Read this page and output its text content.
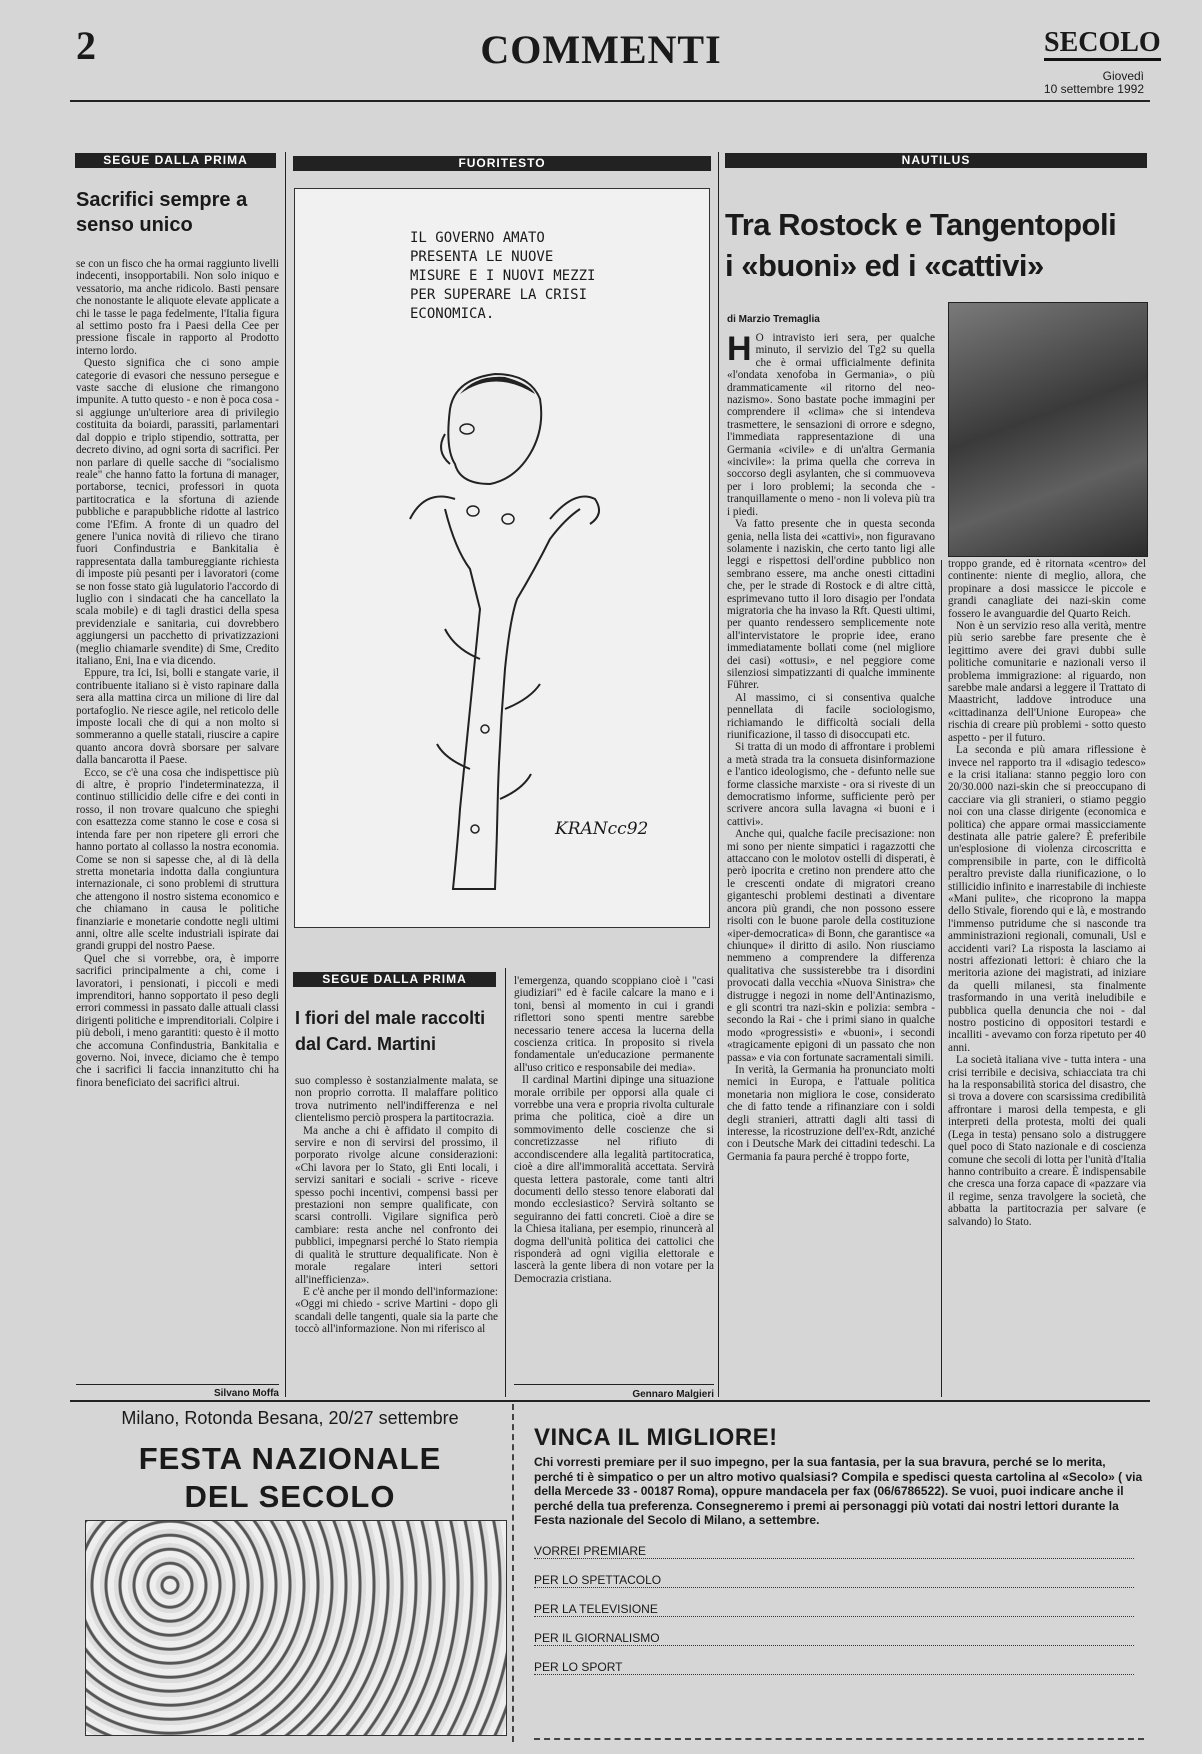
2	COMMENTI	SECOLO
Giovedì
10 settembre 1992
SEGUE DALLA PRIMA
Sacrifici sempre a senso unico

se con un fisco che ha ormai raggiunto livelli indecenti, insopportabili. Non solo iniquo e vessatorio, ma anche ridicolo. Basti pensare che nonostante le aliquote elevate applicate a chi le tasse le paga fedelmente, l'Italia figura al settimo posto fra i Paesi della Cee per pressione fiscale in rapporto al Prodotto interno lordo.

Questo significa che ci sono ampie categorie di evasori che nessuno persegue e vaste sacche di elusione che rimangono impunite. A tutto questo - e non è poca cosa - si aggiunge un'ulteriore area di privilegio costituita da boiardi, parassiti, parlamentari dal doppio e triplo stipendio, sottratta, per decreto divino, ad ogni sorta di sacrifici. Per non parlare di quelle sacche di "socialismo reale" che hanno fatto la fortuna di manager, portaborse, tecnici, professori in quota partitocratica e la sfortuna di aziende pubbliche e parapubbliche ridotte al lastrico come l'Efim. A fronte di un quadro del genere l'unica novità di rilievo che tirano fuori Confindustria e Bankitalia è rappresentata dalla tambureggiante richiesta di imposte più pesanti per i lavoratori (come se non fosse stato già lugulatorio l'accordo di luglio con i sindacati che ha cancellato la scala mobile) e di tagli drastici della spesa previdenziale e sanitaria, cui dovrebbero aggiungersi un pacchetto di privatizzazioni (meglio chiamarle svendite) di Sme, Credito italiano, Eni, Ina e via dicendo.

Eppure, tra Ici, Isi, bolli e stangate varie, il contribuente italiano si è visto rapinare dalla sera alla mattina circa un milione di lire dal portafoglio. Ne riesce agile, nel reticolo delle imposte locali che di qui a non molto si sommeranno a quelle statali, riuscire a capire quanto ancora dovrà sborsare per salvare dalla bancarotta il Paese.

Ecco, se c'è una cosa che indispettisce più di altre, è proprio l'indeterminatezza, il continuo stillicidio delle cifre e dei conti in rosso, il non trovare qualcuno che spieghi con esattezza come stanno le cose e cosa si intenda fare per non ripetere gli errori che hanno portato al collasso la nostra economia. Come se non si sapesse che, al di là della stretta monetaria indotta dalla congiuntura internazionale, ci sono problemi di struttura che attengono il nostro sistema economico e che chiamano in causa le politiche finanziarie e monetarie condotte negli ultimi anni, oltre alle scelte industriali ispirate dai grandi gruppi del nostro Paese.

Quel che si vorrebbe, ora, è imporre sacrifici principalmente a chi, come i lavoratori, i pensionati, i piccoli e medi imprenditori, hanno sopportato il peso degli errori commessi in passato dalle attuali classi dirigenti politiche e imprenditoriali. Colpire i più deboli, i meno garantiti: questo è il motto che accomuna Confindustria, Bankitalia e governo. Noi, invece, diciamo che è tempo che i sacrifici li faccia innanzitutto chi ha finora beneficiato dei sacrifici altrui.

Silvano Moffa
FUORITESTO
IL GOVERNO AMATO PRESENTA LE NUOVE MISURE E I NUOVI MEZZI PER SUPERARE LA CRISI ECONOMICA.
KRANcc92
SEGUE DALLA PRIMA
I fiori del male raccolti dal Card. Martini

suo complesso è sostanzialmente malata, se non proprio corrotta. Il malaffare politico trova nutrimento nell'indifferenza e nel clientelismo perciò prospera la partitocrazia.

Ma anche a chi è affidato il compito di servire e non di servirsi del prossimo, il porporato rivolge alcune considerazioni: «Chi lavora per lo Stato, gli Enti locali, i servizi sanitari e sociali - scrive - riceve spesso pochi incentivi, compensi bassi per prestazioni non sempre qualificate, con scarsi controlli. Vigilare significa però cambiare: resta anche nel confronto dei pubblici, impegnarsi perché lo Stato riempia di qualità le strutture dequalificate. Non è morale regalare interi settori all'inefficienza».

E c'è anche per il mondo dell'informazione: «Oggi mi chiedo - scrive Martini - dopo gli scandali delle tangenti, quale sia la parte che toccò all'informazione. Non mi riferisco al

l'emergenza, quando scoppiano cioè i "casi giudiziari" ed è facile calcare la mano e i toni, bensì al momento in cui i grandi riflettori sono spenti mentre sarebbe necessario tenere accesa la lucerna della coscienza critica. In proposito si rivela fondamentale un'educazione permanente all'uso critico e responsabile dei media».

Il cardinal Martini dipinge una situazione morale orribile per opporsi alla quale ci vorrebbe una vera e propria rivolta culturale prima che politica, cioè a dire un sommovimento delle coscienze che si concretizzasse nel rifiuto di accondiscendere alla legalità partitocratica, cioè a dire all'immoralità accettata. Servirà questa lettera pastorale, come tanti altri documenti dello stesso tenore elaborati dal mondo ecclesiastico? Servirà soltanto se seguiranno dei fatti concreti. Cioè a dire se la Chiesa italiana, per esempio, rinuncerà al dogma dell'unità politica dei cattolici che risponderà ad ogni vigilia elettorale e lascerà la gente libera di non votare per la Democrazia cristiana.

Gennaro Malgieri
NAUTILUS
Tra Rostock e Tangentopoli
i «buoni» ed i «cattivi»
di Marzio Tremaglia
H O intravisto ieri sera, per qualche minuto, il servizio del Tg2 su quella che è ormai ufficialmente definita «l'ondata xenofoba in Germania», o più drammaticamente «il ritorno del neo-nazismo». Sono bastate poche immagini per comprendere il «clima» che si intendeva trasmettere, le sensazioni di orrore e sdegno, l'immediata rappresentazione di una Germania «civile» e di un'altra Germania «incivile»: la prima quella che correva in soccorso degli asylanten, che si commuoveva per i loro problemi; la seconda che - tranquillamente o meno - non li voleva più tra i piedi.

Va fatto presente che in questa seconda genia, nella lista dei «cattivi», non figuravano solamente i naziskin, che certo tanto ligi alle leggi e rispettosi dell'ordine pubblico non sembrano essere, ma anche onesti cittadini che, per le strade di Rostock e di altre città, esprimevano tutto il loro disagio per l'ondata migratoria che ha invaso la Rft. Questi ultimi, per quanto rendessero semplicemente note all'intervistatore le proprie idee, erano immediatamente bollati come (nel migliore dei casi) «ottusi», e nel peggiore come silenziosi simpatizzanti di qualche imminente Führer.

Al massimo, ci si consentiva qualche pennellata di facile sociologismo, richiamando le difficoltà sociali della riunificazione, il tasso di disoccupati etc.

Si tratta di un modo di affrontare i problemi a metà strada tra la consueta disinformazione e l'antico ideologismo, che - defunto nelle sue forme classiche marxiste - ora si riveste di un democratismo informe, sufficiente però per scrivere ancora sulla lavagna «i buoni e i cattivi».

Anche qui, qualche facile precisazione: non mi sono per niente simpatici i ragazzotti che attaccano con le molotov ostelli di disperati, è però ipocrita e cretino non prendere atto che le crescenti ondate di migratori creano giganteschi problemi destinati a diventare ancora più grandi, che non possono essere risolti con le buone parole della costituzione «iper-democratica» di Bonn, che garantisce «a chiunque» il diritto di asilo. Non riusciamo nemmeno a comprendere la differenza qualitativa che sussisterebbe tra i disordini provocati dalla vecchia «Nuova Sinistra» che distrugge i negozi in nome dell'Antinazismo, e gli scontri tra nazi-skin e polizia: sembra - secondo la Rai - che i primi siano in qualche modo «progressisti» e «buoni», i secondi «tragicamente epigoni di un passato che non passa» e via con fortunate sacramentali simili.

In verità, la Germania ha pronunciato molti nemici in Europa, e l'attuale politica monetaria non migliora le cose, considerato che di fatto tende a rifinanziare con i soldi degli stranieri, attratti dagli alti tassi di interesse, la ricostruzione dell'ex-Rdt, anziché con i Deutsche Mark dei cittadini tedeschi. La Germania fa paura perché è troppo forte,

troppo grande, ed è ritornata «centro» del continente: niente di meglio, allora, che propinare a dosi massicce le piccole e grandi canagliate dei nazi-skin come fossero le avanguardie del Quarto Reich.

Non è un servizio reso alla verità, mentre più serio sarebbe fare presente che è legittimo avere dei gravi dubbi sulle politiche comunitarie e nazionali verso il problema immigrazione: al riguardo, non sarebbe male andarsi a leggere il Trattato di Maastricht, laddove introduce una «cittadinanza dell'Unione Europea» che rischia di creare più problemi - sotto questo aspetto - per il futuro.

La seconda e più amara riflessione è invece nel rapporto tra il «disagio tedesco» e la crisi italiana: stanno peggio loro con 20/30.000 nazi-skin che si preoccupano di cacciare via gli stranieri, o stiamo peggio noi con una classe dirigente (economica e politica) che appare ormai massicciamente destinata alle patrie galere? È preferibile un'esplosione di violenza circoscritta e comprensibile in parte, con le difficoltà peraltro previste dalla riunificazione, o lo stillicidio infinito e inarrestabile di inchieste «Mani pulite», che ricoprono la mappa dello Stivale, fiorendo qui e là, e mostrando l'immenso putridume che si nasconde tra amministrazioni regionali, comunali, Usl e accidenti vari? La risposta la lasciamo ai nostri affezionati lettori: è chiaro che la meritoria azione dei magistrati, ad iniziare da quelli milanesi, sta finalmente trasformando in una verità ineludibile e pubblica quella denuncia che noi - dal nostro posticino di oppositori testardi e incalliti - avevamo con forza ripetuto per 40 anni.

La società italiana vive - tutta intera - una crisi terribile e decisiva, schiacciata tra chi ha la responsabilità storica del disastro, che si trova a dovere con scarsissima credibilità affrontare i marosi della tempesta, e gli interpreti della protesta, molti dei quali (Lega in testa) pensano solo a distruggere quel poco di Stato nazionale e di coscienza comune che secoli di lotta per l'unità d'Italia hanno contribuito a creare. È indispensabile che cresca una forza capace di «pazzare via il regime, senza travolgere la società, che abbatta la partitocrazia per salvare (e salvando) lo Stato.

Milano, Rotonda Besana, 20/27 settembre
FESTA NAZIONALE
DEL SECOLO
VINCA IL MIGLIORE!
Chi vorresti premiare per il suo impegno, per la sua fantasia, per la sua bravura, perché se lo merita, perché ti è simpatico o per un altro motivo qualsiasi? Compila e spedisci questa cartolina al «Secolo» ( via della Mercede 33 - 00187 Roma), oppure mandacela per fax (06/6786522). Se vuoi, puoi indicare anche il perché della tua preferenza. Consegneremo i premi ai personaggi più votati dai nostri lettori durante la Festa nazionale del Secolo di Milano, a settembre.
VORREI PREMIARE
PER LO SPETTACOLO
PER LA TELEVISIONE
PER IL GIORNALISMO
PER LO SPORT
